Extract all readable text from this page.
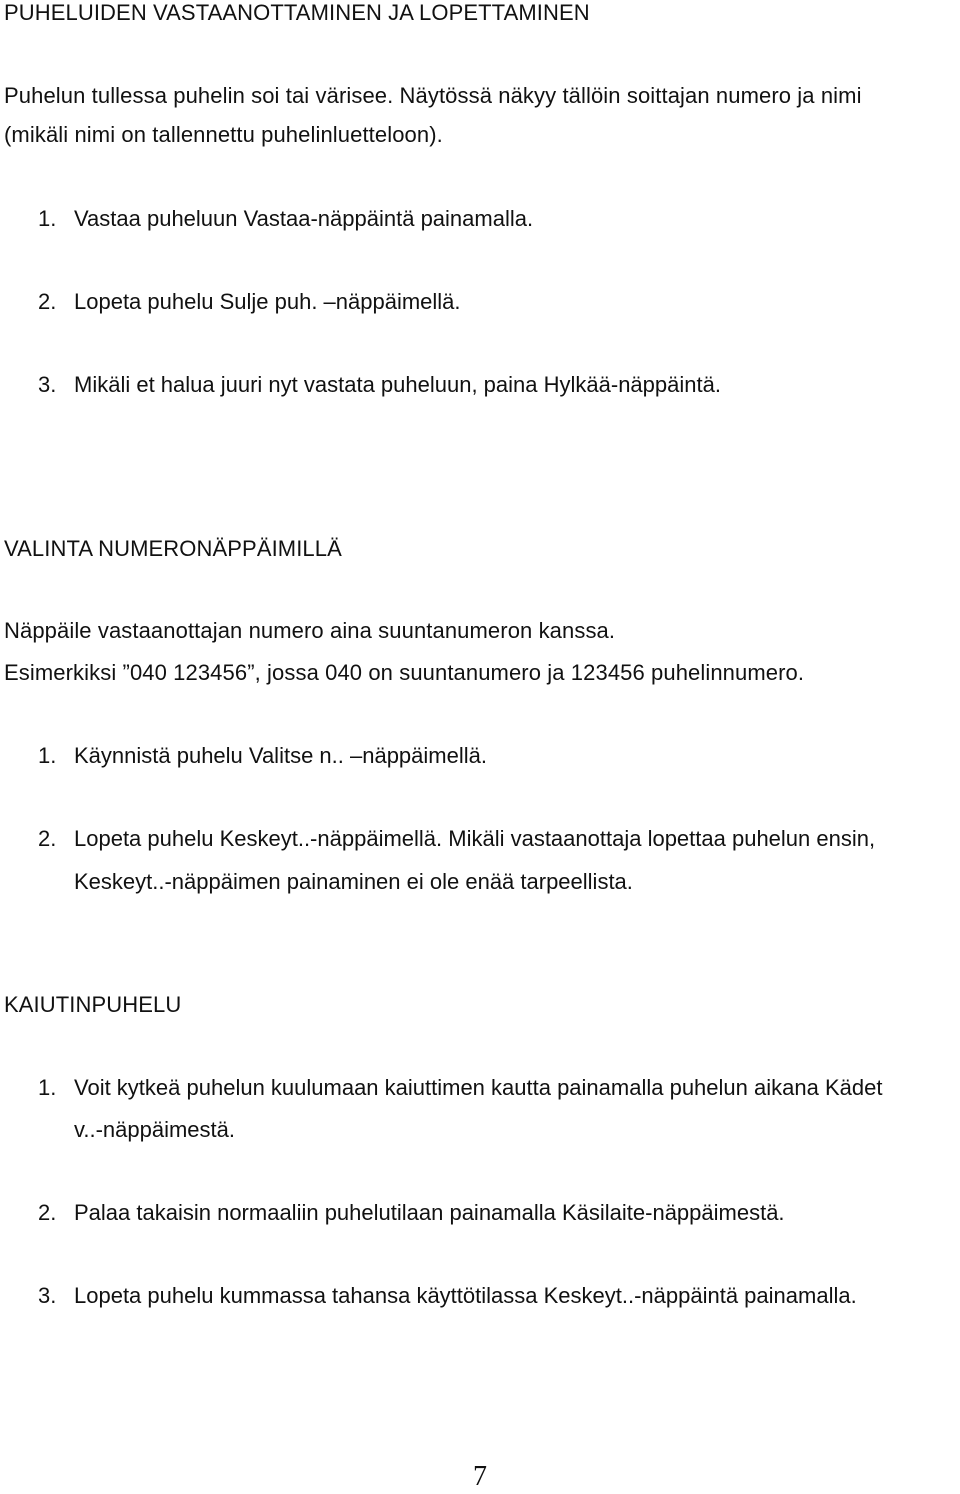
PUHELUIDEN VASTAANOTTAMINEN JA LOPETTAMINEN
Puhelun tullessa puhelin soi tai värisee. Näytössä näkyy tällöin soittajan numero ja nimi
(mikäli nimi on tallennettu puhelinluetteloon).
1. Vastaa puheluun Vastaa-näppäintä painamalla.
2. Lopeta puhelu Sulje puh. –näppäimellä.
3. Mikäli et halua juuri nyt vastata puheluun, paina Hylkää-näppäintä.
VALINTA NUMERONÄPPÄIMILLÄ
Näppäile vastaanottajan numero aina suuntanumeron kanssa.
Esimerkiksi ”040 123456”, jossa 040 on suuntanumero ja 123456 puhelinnumero.
1. Käynnistä puhelu Valitse n.. –näppäimellä.
2. Lopeta puhelu Keskeyt..-näppäimellä. Mikäli vastaanottaja lopettaa puhelun ensin,
Keskeyt..-näppäimen painaminen ei ole enää tarpeellista.
KAIUTINPUHELU
1. Voit kytkeä puhelun kuulumaan kaiuttimen kautta painamalla puhelun aikana Kädet
v..-näppäimestä.
2. Palaa takaisin normaaliin puhelutilaan painamalla Käsilaite-näppäimestä.
3. Lopeta puhelu kummassa tahansa käyttötilassa Keskeyt..-näppäintä painamalla.
7
